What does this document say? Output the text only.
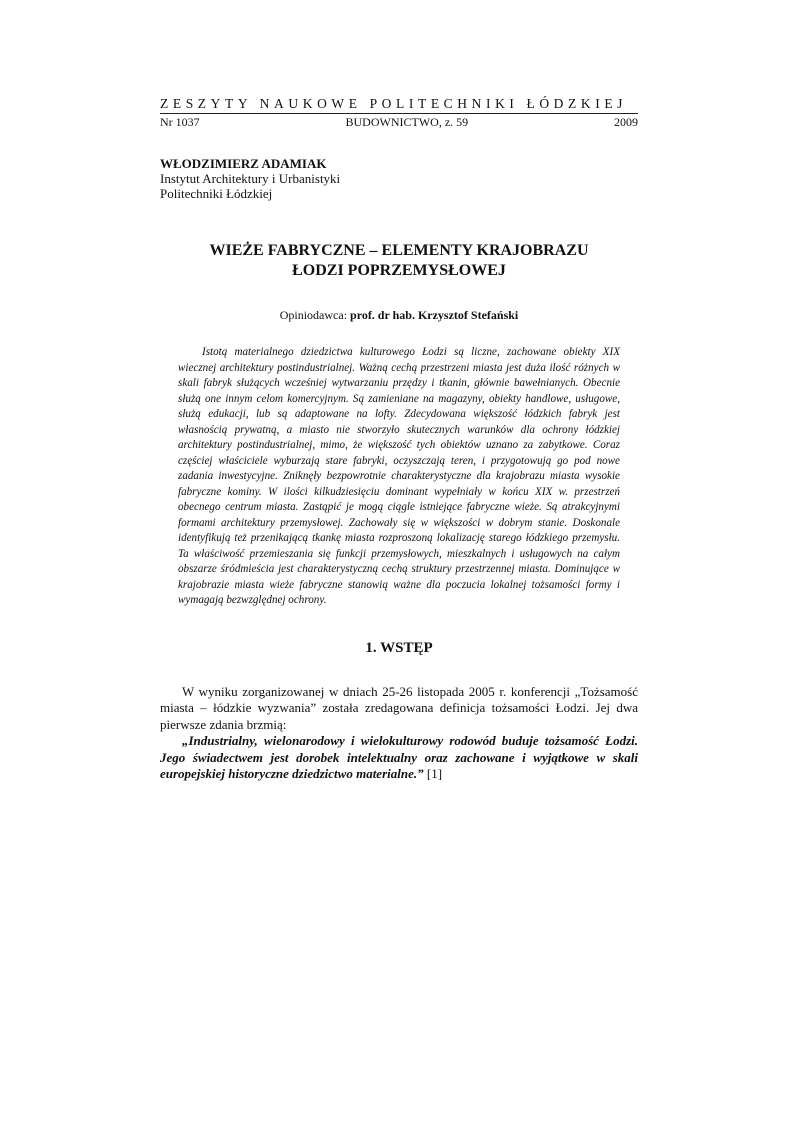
ZESZYTY NAUKOWE POLITECHNIKI ŁÓDZKIEJ
Nr 1037	BUDOWNICTWO, z. 59	2009
WŁODZIMIERZ ADAMIAK
Instytut Architektury i Urbanistyki
Politechniki Łódzkiej
WIEŻE FABRYCZNE – ELEMENTY KRAJOBRAZU
ŁODZI POPRZEMYSŁOWEJ
Opiniodawca: prof. dr hab. Krzysztof Stefański
Istotą materialnego dziedzictwa kulturowego Łodzi są liczne, zachowane obiekty XIX wiecznej architektury postindustrialnej. Ważną cechą przestrzeni miasta jest duża ilość różnych w skali fabryk służących wcześniej wytwarzaniu przędzy i tkanin, głównie bawełnianych. Obecnie służą one innym celom komercyjnym. Są zamieniane na magazyny, obiekty handlowe, usługowe, służą edukacji, lub są adaptowane na lofty. Zdecydowana większość łódzkich fabryk jest własnością prywatną, a miasto nie stworzyło skutecznych warunków dla ochrony łódzkiej architektury postindustrialnej, mimo, że większość tych obiektów uznano za zabytkowe. Coraz częściej właściciele wyburzają stare fabryki, oczyszczają teren, i przygotowują go pod nowe zadania inwestycyjne. Zniknęły bezpowrotnie charakterystyczne dla krajobrazu miasta wysokie fabryczne kominy. W ilości kilkudziesięciu dominant wypełniały w końcu XIX w. przestrzeń obecnego centrum miasta. Zastąpić je mogą ciągle istniejące fabryczne wieże. Są atrakcyjnymi formami architektury przemysłowej. Zachowały się w większości w dobrym stanie. Doskonale identyfikują też przenikającą tkankę miasta rozproszoną lokalizację starego łódzkiego przemysłu. Ta właściwość przemieszania się funkcji przemysłowych, mieszkalnych i usługowych na całym obszarze śródmieścia jest charakterystyczną cechą struktury przestrzennej miasta. Dominujące w krajobrazie miasta wieże fabryczne stanowią ważne dla poczucia lokalnej tożsamości formy i wymagają bezwzględnej ochrony.
1. WSTĘP

W wyniku zorganizowanej w dniach 25-26 listopada 2005 r. konferencji „Tożsamość miasta – łódzkie wyzwania” została zredagowana definicja tożsamości Łodzi. Jej dwa pierwsze zdania brzmią:

„Industrialny, wielonarodowy i wielokulturowy rodowód buduje tożsamość Łodzi. Jego świadectwem jest dorobek intelektualny oraz zachowane i wyjątkowe w skali europejskiej historyczne dziedzictwo materialne.” [1]
